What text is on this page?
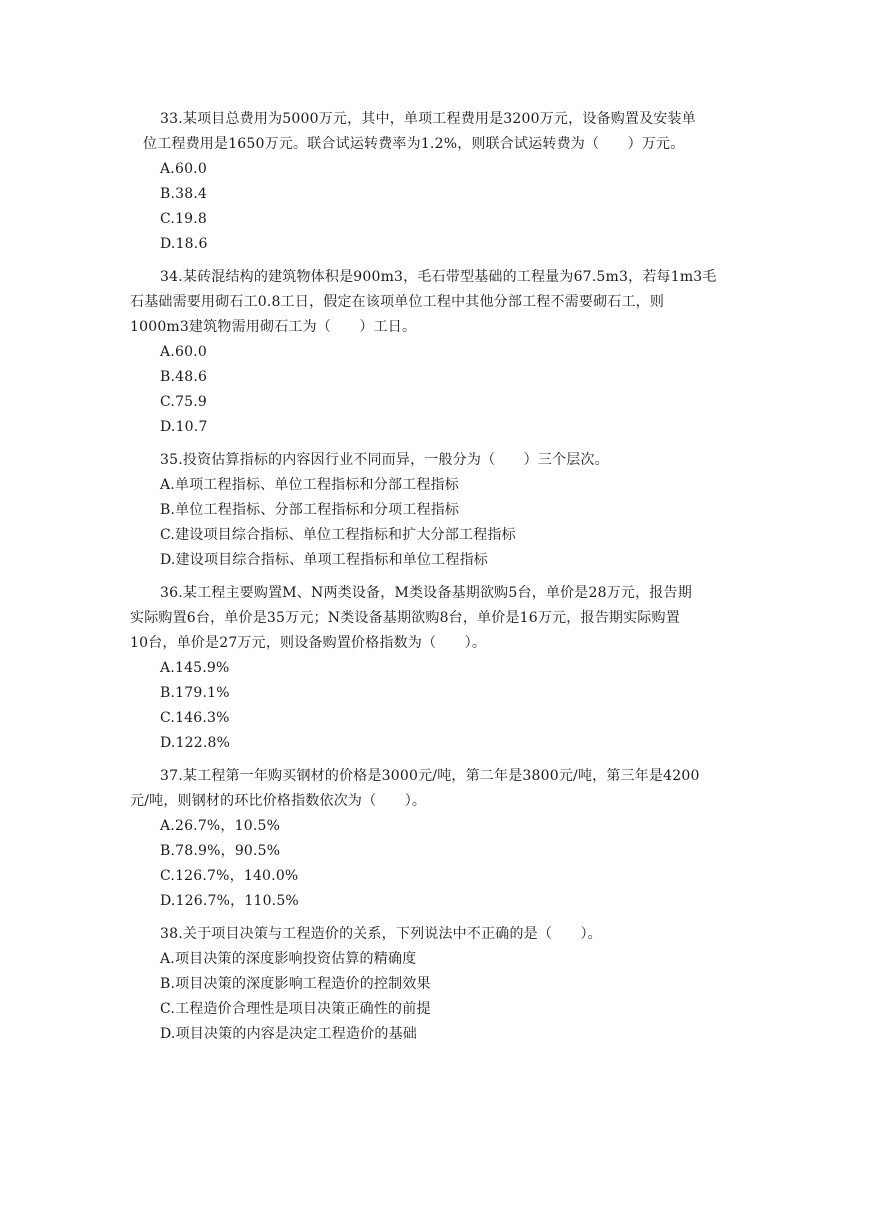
33.某项目总费用为5000万元，其中，单项工程费用是3200万元，设备购置及安装单
位工程费用是1650万元。联合试运转费率为1.2%，则联合试运转费为（　　）万元。

A.60.0
B.38.4
C.19.8
D.18.6

34.某砖混结构的建筑物体积是900m3，毛石带型基础的工程量为67.5m3，若每1m3毛
石基础需要用砌石工0.8工日，假定在该项单位工程中其他分部工程不需要砌石工，则
1000m3建筑物需用砌石工为（　　）工日。

A.60.0
B.48.6
C.75.9
D.10.7

35.投资估算指标的内容因行业不同而异，一般分为（　　）三个层次。

A.单项工程指标、单位工程指标和分部工程指标
B.单位工程指标、分部工程指标和分项工程指标
C.建设项目综合指标、单位工程指标和扩大分部工程指标
D.建设项目综合指标、单项工程指标和单位工程指标

36.某工程主要购置M、N两类设备，M类设备基期欲购5台，单价是28万元，报告期
实际购置6台，单价是35万元；N类设备基期欲购8台，单价是16万元，报告期实际购置
10台，单价是27万元，则设备购置价格指数为（　　）。

A.145.9%
B.179.1%
C.146.3%
D.122.8%

37.某工程第一年购买钢材的价格是3000元/吨，第二年是3800元/吨，第三年是4200
元/吨，则钢材的环比价格指数依次为（　　）。

A.26.7%，10.5%
B.78.9%，90.5%
C.126.7%，140.0%
D.126.7%，110.5%

38.关于项目决策与工程造价的关系，下列说法中不正确的是（　　）。

A.项目决策的深度影响投资估算的精确度
B.项目决策的深度影响工程造价的控制效果
C.工程造价合理性是项目决策正确性的前提
D.项目决策的内容是决定工程造价的基础
